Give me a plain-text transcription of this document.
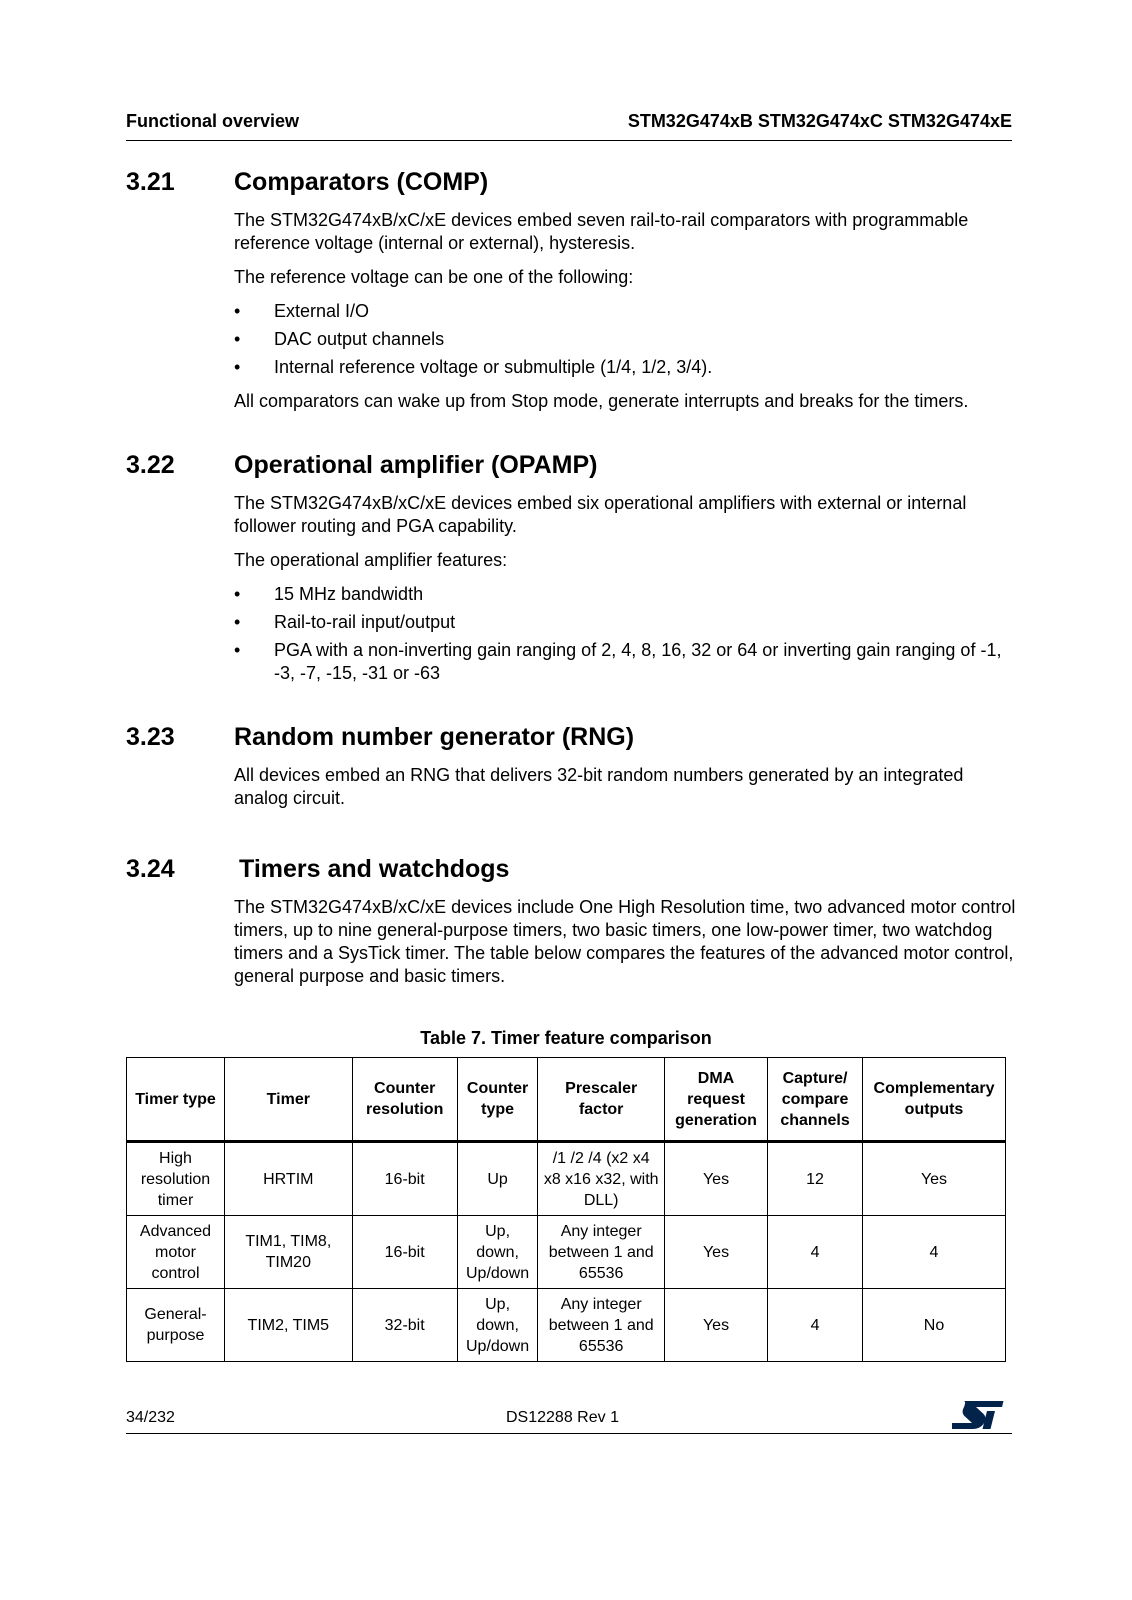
Functional overview	STM32G474xB STM32G474xC STM32G474xE
3.21 Comparators (COMP)

The STM32G474xB/xC/xE devices embed seven rail-to-rail comparators with programmable reference voltage (internal or external), hysteresis.

The reference voltage can be one of the following:

• External I/O
• DAC output channels
• Internal reference voltage or submultiple (1/4, 1/2, 3/4).

All comparators can wake up from Stop mode, generate interrupts and breaks for the timers.

3.22 Operational amplifier (OPAMP)

The STM32G474xB/xC/xE devices embed six operational amplifiers with external or internal follower routing and PGA capability.

The operational amplifier features:

• 15 MHz bandwidth
• Rail-to-rail input/output
• PGA with a non-inverting gain ranging of 2, 4, 8, 16, 32 or 64 or inverting gain ranging of -1, -3, -7, -15, -31 or -63
3.23 Random number generator (RNG)

All devices embed an RNG that delivers 32-bit random numbers generated by an integrated analog circuit.

3.24	Timers and watchdogs

The STM32G474xB/xC/xE devices include One High Resolution time, two advanced motor control timers, up to nine general-purpose timers, two basic timers, one low-power timer, two watchdog timers and a SysTick timer. The table below compares the features of the advanced motor control, general purpose and basic timers.

Table 7. Timer feature comparison
Timer type	Timer	Counter resolution	Counter type	Prescaler factor	DMA request generation	Capture/ compare channels	Complementary outputs
High resolution timer	HRTIM	16-bit	Up	/1 /2 /4 (x2 x4 x8 x16 x32, with DLL)	Yes	12	Yes
Advanced motor control	TIM1, TIM8, TIM20	16-bit	Up, down, Up/down	Any integer between 1 and 65536	Yes	4	4
General-purpose	TIM2, TIM5	32-bit	Up, down, Up/down	Any integer between 1 and 65536	Yes	4	No
34/232	DS12288 Rev 1
